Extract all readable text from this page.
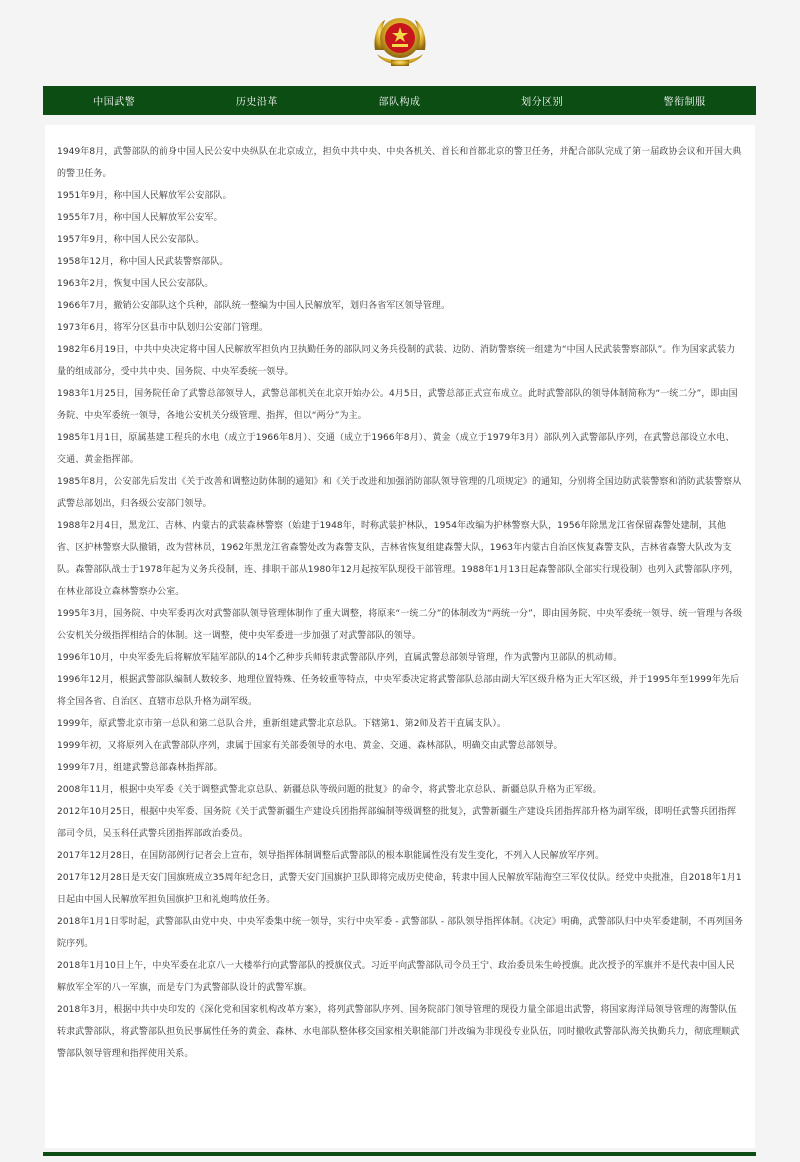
中国武警	历史沿革	部队构成	划分区别	警衔制服

1949年8月，武警部队的前身中国人民公安中央纵队在北京成立，担负中共中央、中央各机关、首长和首都北京的警卫任务，并配合部队完成了第一届政协会议和开国大典的警卫任务。

1951年9月，称中国人民解放军公安部队。

1955年7月，称中国人民解放军公安军。

1957年9月，称中国人民公安部队。

1958年12月，称中国人民武装警察部队。

1963年2月，恢复中国人民公安部队。

1966年7月，撤销公安部队这个兵种，部队统一整编为中国人民解放军，划归各省军区领导管理。

1973年6月，将军分区县市中队划归公安部门管理。

1982年6月19日，中共中央决定将中国人民解放军担负内卫执勤任务的部队同义务兵役制的武装、边防、消防警察统一组建为“中国人民武装警察部队”。作为国家武装力量的组成部分，受中共中央、国务院、中央军委统一领导。

1983年1月25日，国务院任命了武警总部领导人，武警总部机关在北京开始办公。4月5日，武警总部正式宣布成立。此时武警部队的领导体制简称为“一统二分”，即由国务院、中央军委统一领导，各地公安机关分级管理、指挥，但以“两分”为主。

1985年1月1日，原属基建工程兵的水电（成立于1966年8月）、交通（成立于1966年8月）、黄金（成立于1979年3月）部队列入武警部队序列，在武警总部设立水电、交通、黄金指挥部。

1985年8月，公安部先后发出《关于改善和调整边防体制的通知》和《关于改进和加强消防部队领导管理的几项规定》的通知，分别将全国边防武装警察和消防武装警察从武警总部划出，归各级公安部门领导。

1988年2月4日，黑龙江、吉林、内蒙古的武装森林警察（始建于1948年，时称武装护林队，1954年改编为护林警察大队，1956年除黑龙江省保留森警处建制，其他省、区护林警察大队撤销，改为营林员，1962年黑龙江省森警处改为森警支队，吉林省恢复组建森警大队，1963年内蒙古自治区恢复森警支队，吉林省森警大队改为支队。森警部队战士于1978年起为义务兵役制，连、排职干部从1980年12月起按军队现役干部管理。1988年1月13日起森警部队全部实行现役制）也列入武警部队序列，在林业部设立森林警察办公室。

1995年3月，国务院、中央军委再次对武警部队领导管理体制作了重大调整，将原来“一统二分”的体制改为“两统一分”，即由国务院、中央军委统一领导、统一管理与各级公安机关分级指挥相结合的体制。这一调整，使中央军委进一步加强了对武警部队的领导。

1996年10月，中央军委先后将解放军陆军部队的14个乙种步兵师转隶武警部队序列，直属武警总部领导管理，作为武警内卫部队的机动师。

1996年12月，根据武警部队编制人数较多、地理位置特殊、任务较重等特点，中央军委决定将武警部队总部由副大军区级升格为正大军区级，并于1995年至1999年先后将全国各省、自治区、直辖市总队升格为副军级。

1999年，原武警北京市第一总队和第二总队合并，重新组建武警北京总队。下辖第1、第2师及若干直属支队）。

1999年初，又将原列入在武警部队序列，隶属于国家有关部委领导的水电、黄金、交通、森林部队，明确交由武警总部领导。

1999年7月，组建武警总部森林指挥部。

2008年11月，根据中央军委《关于调整武警北京总队、新疆总队等级问题的批复》的命令，将武警北京总队、新疆总队升格为正军级。

2012年10月25日，根据中央军委、国务院《关于武警新疆生产建设兵团指挥部编制等级调整的批复》，武警新疆生产建设兵团指挥部升格为副军级，即明任武警兵团指挥部司令员，吴玉科任武警兵团指挥部政治委员。

2017年12月28日，在国防部例行记者会上宣布，领导指挥体制调整后武警部队的根本职能属性没有发生变化，不列入人民解放军序列。

2017年12月28日是天安门国旗班成立35周年纪念日，武警天安门国旗护卫队即将完成历史使命，转隶中国人民解放军陆海空三军仪仗队。经党中央批准，自2018年1月1日起由中国人民解放军担负国旗护卫和礼炮鸣放任务。

2018年1月1日零时起，武警部队由党中央、中央军委集中统一领导，实行中央军委 - 武警部队 - 部队领导指挥体制。《决定》明确，武警部队归中央军委建制，不再列国务院序列。

2018年1月10日上午，中央军委在北京八一大楼举行向武警部队的授旗仪式。习近平向武警部队司令员王宁、政治委员朱生岭授旗。此次授予的军旗并不是代表中国人民解放军全军的八一军旗，而是专门为武警部队设计的武警军旗。

2018年3月，根据中共中央印发的《深化党和国家机构改革方案》，将列武警部队序列、国务院部门领导管理的现役力量全部退出武警，将国家海洋局领导管理的海警队伍转隶武警部队，将武警部队担负民事属性任务的黄金、森林、水电部队整体移交国家相关职能部门并改编为非现役专业队伍，同时撤收武警部队海关执勤兵力，彻底理顺武警部队领导管理和指挥使用关系。
